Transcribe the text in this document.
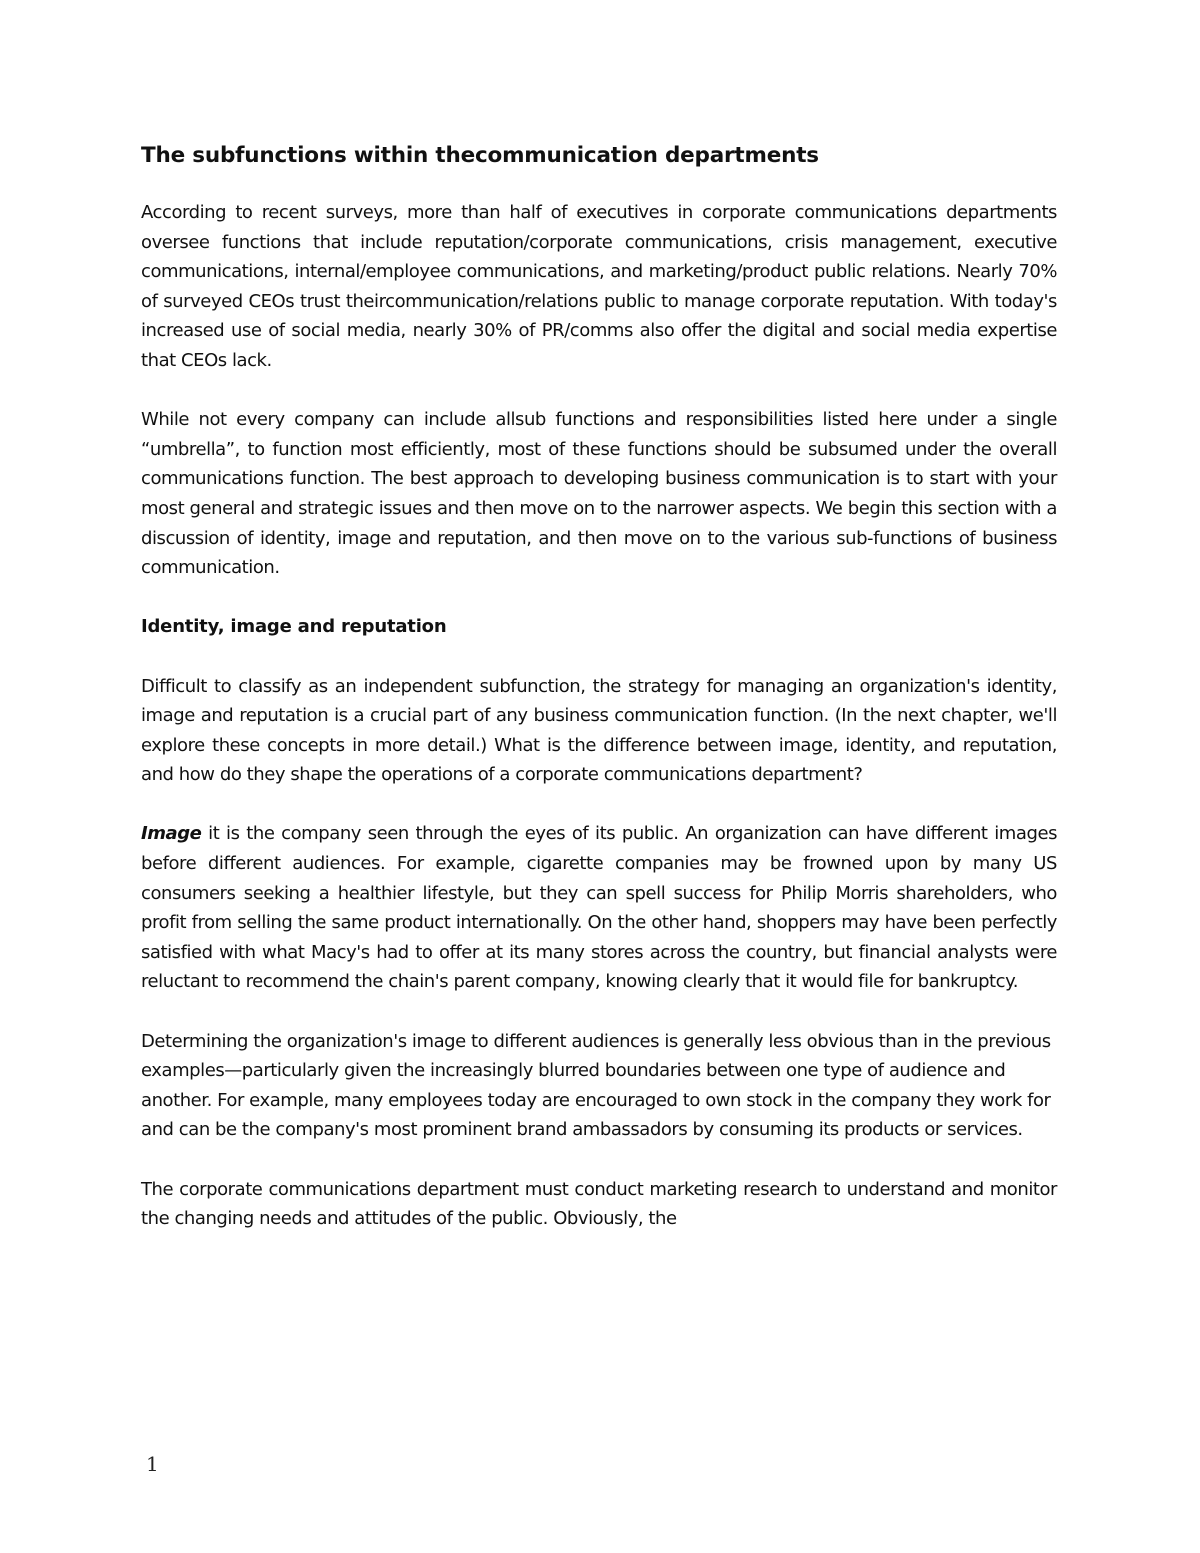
The subfunctions within thecommunication departments

According to recent surveys, more than half of executives in corporate communications departments oversee functions that include reputation/corporate communications, crisis management, executive communications, internal/employee communications, and marketing/product public relations. Nearly 70% of surveyed CEOs trust theircommunication/relations public to manage corporate reputation. With today's increased use of social media, nearly 30% of PR/comms also offer the digital and social media expertise that CEOs lack.

While not every company can include allsub functions and responsibilities listed here under a single “umbrella”, to function most efficiently, most of these functions should be subsumed under the overall communications function. The best approach to developing business communication is to start with your most general and strategic issues and then move on to the narrower aspects. We begin this section with a discussion of identity, image and reputation, and then move on to the various sub-functions of business communication.

Identity, image and reputation

Difficult to classify as an independent subfunction, the strategy for managing an organization's identity, image and reputation is a crucial part of any business communication function. (In the next chapter, we'll explore these concepts in more detail.) What is the difference between image, identity, and reputation, and how do they shape the operations of a corporate communications department?

Image it is the company seen through the eyes of its public. An organization can have different images before different audiences. For example, cigarette companies may be frowned upon by many US consumers seeking a healthier lifestyle, but they can spell success for Philip Morris shareholders, who profit from selling the same product internationally. On the other hand, shoppers may have been perfectly satisfied with what Macy's had to offer at its many stores across the country, but financial analysts were reluctant to recommend the chain's parent company, knowing clearly that it would file for bankruptcy.

Determining the organization's image to different audiences is generally less obvious than in the previous examples—particularly given the increasingly blurred boundaries between one type of audience and another. For example, many employees today are encouraged to own stock in the company they work for and can be the company's most prominent brand ambassadors by consuming its products or services.

The corporate communications department must conduct marketing research to understand and monitor the changing needs and attitudes of the public. Obviously, the

1
